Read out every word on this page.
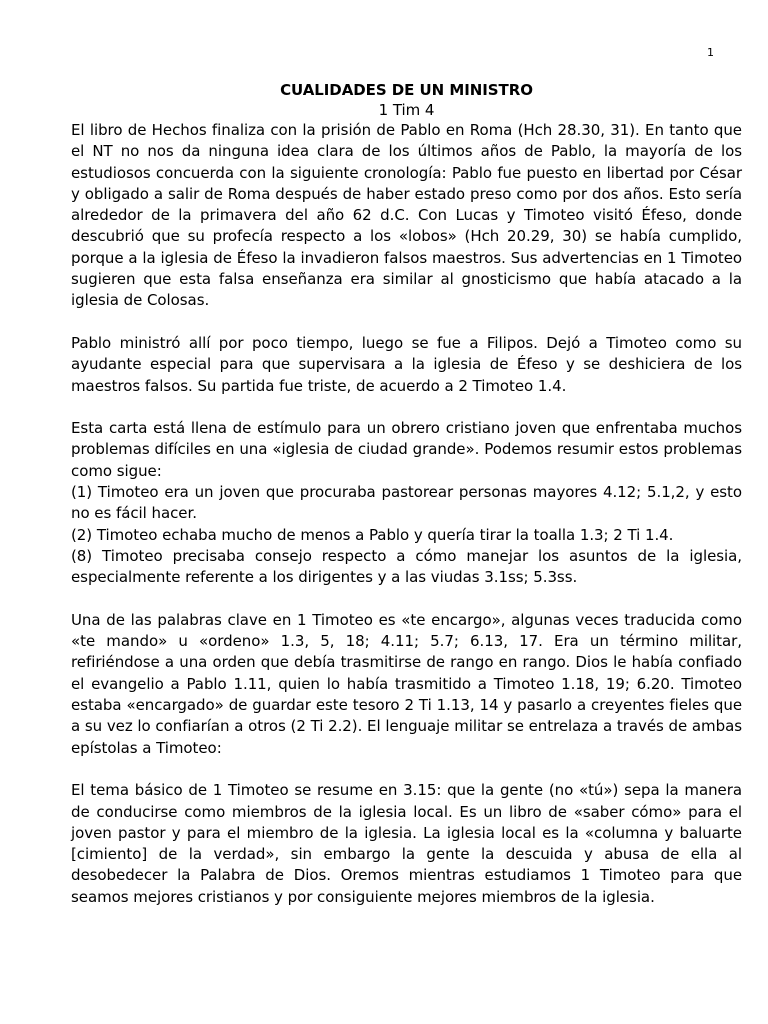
1

CUALIDADES DE UN MINISTRO

1 Tim 4

El libro de Hechos finaliza con la prisión de Pablo en Roma (Hch 28.30, 31). En tanto que el NT no nos da ninguna idea clara de los últimos años de Pablo, la mayoría de los estudiosos concuerda con la siguiente cronología: Pablo fue puesto en libertad por César y obligado a salir de Roma después de haber estado preso como por dos años. Esto sería alrededor de la primavera del año 62 d.C. Con Lucas y Timoteo visitó Éfeso, donde descubrió que su profecía respecto a los «lobos» (Hch 20.29, 30) se había cumplido, porque a la iglesia de Éfeso la invadieron falsos maestros. Sus advertencias en 1 Timoteo sugieren que esta falsa enseñanza era similar al gnosticismo que había atacado a la iglesia de Colosas.

Pablo ministró allí por poco tiempo, luego se fue a Filipos. Dejó a Timoteo como su ayudante especial para que supervisara a la iglesia de Éfeso y se deshiciera de los maestros falsos. Su partida fue triste, de acuerdo a 2 Timoteo 1.4.

Esta carta está llena de estímulo para un obrero cristiano joven que enfrentaba muchos problemas difíciles en una «iglesia de ciudad grande». Podemos resumir estos problemas como sigue:

(1) Timoteo era un joven que procuraba pastorear personas mayores 4.12; 5.1,2, y esto no es fácil hacer.

(2) Timoteo echaba mucho de menos a Pablo y quería tirar la toalla 1.3; 2 Ti 1.4.

(8) Timoteo precisaba consejo respecto a cómo manejar los asuntos de la iglesia, especialmente referente a los dirigentes y a las viudas 3.1ss; 5.3ss.

Una de las palabras clave en 1 Timoteo es «te encargo», algunas veces traducida como «te mando» u «ordeno» 1.3, 5, 18; 4.11; 5.7; 6.13, 17. Era un término militar, refiriéndose a una orden que debía trasmitirse de rango en rango. Dios le había confiado el evangelio a Pablo 1.11, quien lo había trasmitido a Timoteo 1.18, 19; 6.20. Timoteo estaba «encargado» de guardar este tesoro 2 Ti 1.13, 14 y pasarlo a creyentes fieles que a su vez lo confiarían a otros (2 Ti 2.2). El lenguaje militar se entrelaza a través de ambas epístolas a Timoteo:

El tema básico de 1 Timoteo se resume en 3.15: que la gente (no «tú») sepa la manera de conducirse como miembros de la iglesia local. Es un libro de «saber cómo» para el joven pastor y para el miembro de la iglesia. La iglesia local es la «columna y baluarte [cimiento] de la verdad», sin embargo la gente la descuida y abusa de ella al desobedecer la Palabra de Dios. Oremos mientras estudiamos 1 Timoteo para que seamos mejores cristianos y por consiguiente mejores miembros de la iglesia.
